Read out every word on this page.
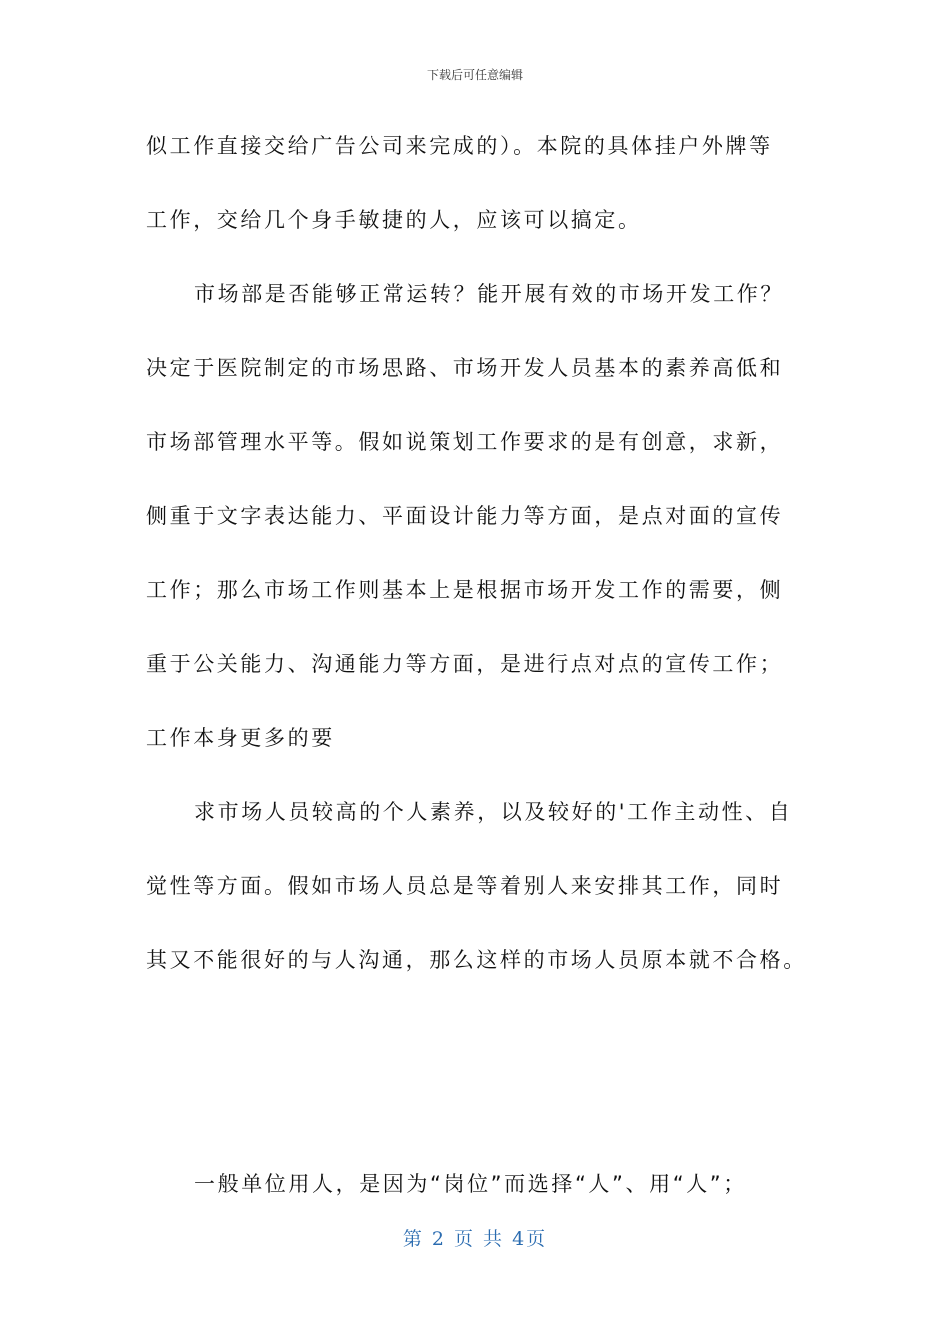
下载后可任意编辑
似工作直接交给广告公司来完成的）。本院的具体挂户外牌等
工作，交给几个身手敏捷的人，应该可以搞定。
市场部是否能够正常运转？能开展有效的市场开发工作？
决定于医院制定的市场思路、市场开发人员基本的素养高低和
市场部管理水平等。假如说策划工作要求的是有创意，求新，
侧重于文字表达能力、平面设计能力等方面，是点对面的宣传
工作；那么市场工作则基本上是根据市场开发工作的需要，侧
重于公关能力、沟通能力等方面，是进行点对点的宣传工作；
工作本身更多的要
求市场人员较高的个人素养，以及较好的'工作主动性、自
觉性等方面。假如市场人员总是等着别人来安排其工作，同时
其又不能很好的与人沟通，那么这样的市场人员原本就不合格。
一般单位用人，是因为“岗位”而选择“人”、用“人”；
第 2 页 共 4页
